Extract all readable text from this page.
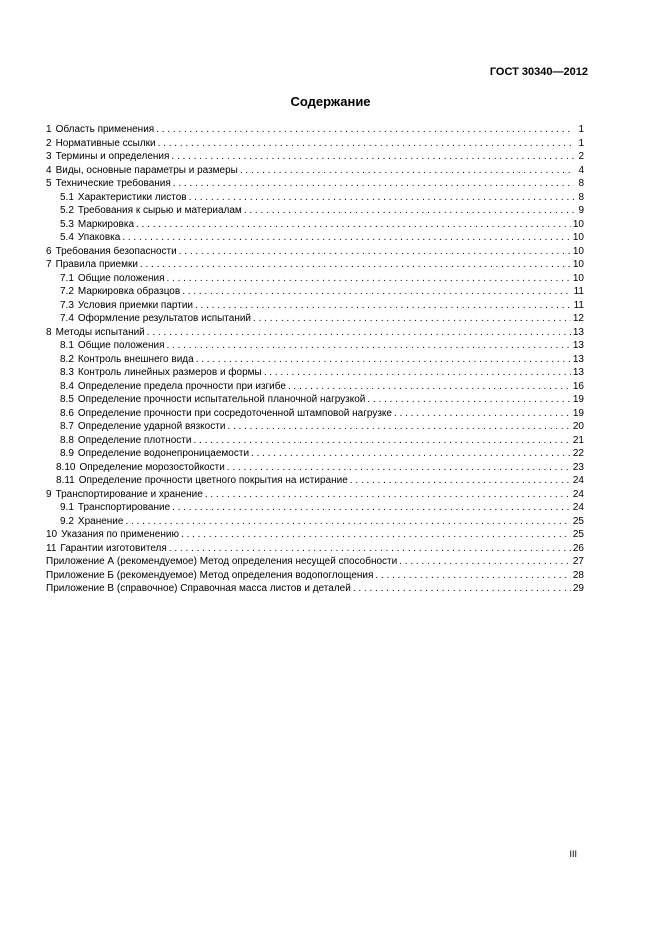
ГОСТ 30340—2012
Содержание
1 Область применения . . .	1
2 Нормативные ссылки . . .	1
3 Термины и определения . . .	2
4 Виды, основные параметры и размеры . . .	4
5 Технические требования . . .	8
5.1 Характеристики листов . . .	8
5.2 Требования к сырью и материалам . . .	9
5.3 Маркировка . . .	10
5.4 Упаковка . . .	10
6 Требования безопасности . . .	10
7 Правила приемки . . .	10
7.1 Общие положения . . .	10
7.2 Маркировка образцов . . .	11
7.3 Условия приемки партии . . .	11
7.4 Оформление результатов испытаний . . .	12
8 Методы испытаний . . .	13
8.1 Общие положения . . .	13
8.2 Контроль внешнего вида . . .	13
8.3 Контроль линейных размеров и формы . . .	13
8.4 Определение предела прочности при изгибе . . .	16
8.5 Определение прочности испытательной планочной нагрузкой . . .	19
8.6 Определение прочности при сосредоточенной штамповой нагрузке . . .	19
8.7 Определение ударной вязкости . . .	20
8.8 Определение плотности . . .	21
8.9 Определение водонепроницаемости . . .	22
8.10 Определение морозостойкости . . .	23
8.11 Определение прочности цветного покрытия на истирание . . .	24
9 Транспортирование и хранение . . .	24
9.1 Транспортирование . . .	24
9.2 Хранение . . .	25
10 Указания по применению . . .	25
11 Гарантии изготовителя . . .	26
Приложение А (рекомендуемое) Метод определения несущей способности . . .	27
Приложение Б (рекомендуемое) Метод определения водопоглощения . . .	28
Приложение В (справочное) Справочная масса листов и деталей . . .	29
III
